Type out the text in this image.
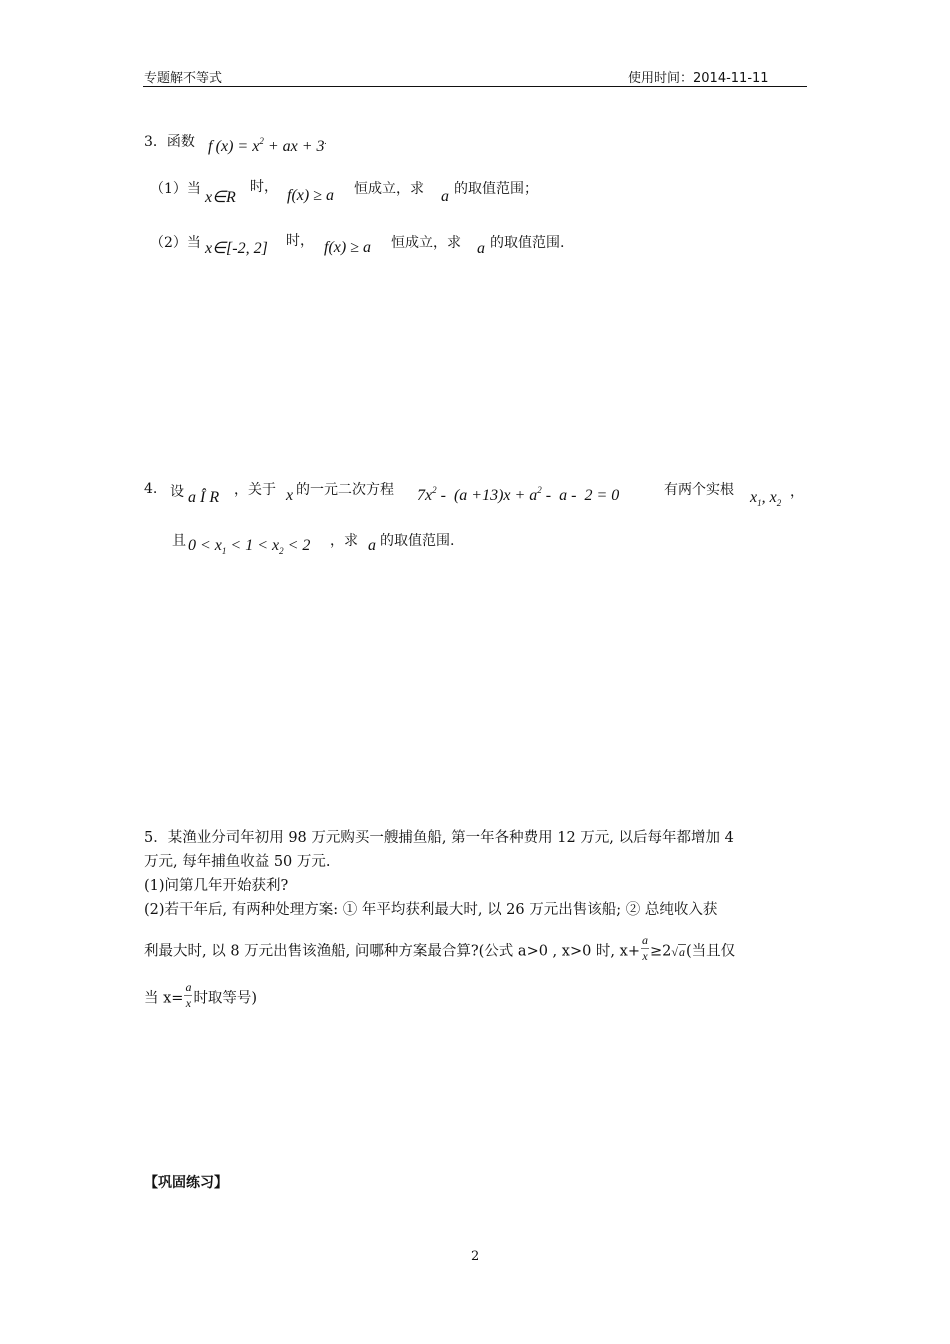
专题解不等式	使用时间：2014-11-11
3．函数 f $(x) = x^2$ + ax + 3.
（1）当 x∈R
时， f(x) ≥ a 恒成立，求 a 的取值范围；
（2）当 x∈[-2, 2] 时， f(x) ≥ a 恒成立，求 a 的取值范围.
4. 设 a Î R ，关于 x 的一元二次方程 $7x^2 - (a +13)x + a^2 - a - 2 = 0$	有两个实根 $x_1$, $x_2$
，
且 $0 < x_1 < 1 < x_2 < 2$ ，求 a 的取值范围.
5．某渔业分司年初用 98 万元购买一艘捕鱼船, 第一年各种费用 12 万元, 以后每年都增加 4
万元, 每年捕鱼收益 50 万元.
(1)问第几年开始获利?
(2)若干年后, 有两种处理方案: ① 年平均获利最大时, 以 26 万元出售该船; ② 总纯收入获
利最大时, 以 8 万元出售该渔船, 问哪种方案最合算?(公式 a>0 , x>0 时, $x+ \frac{a}{x} \ge 2√a$(当且仅
当 $x= \frac{a}{x}$ 时取等号)
【巩固练习】
2
